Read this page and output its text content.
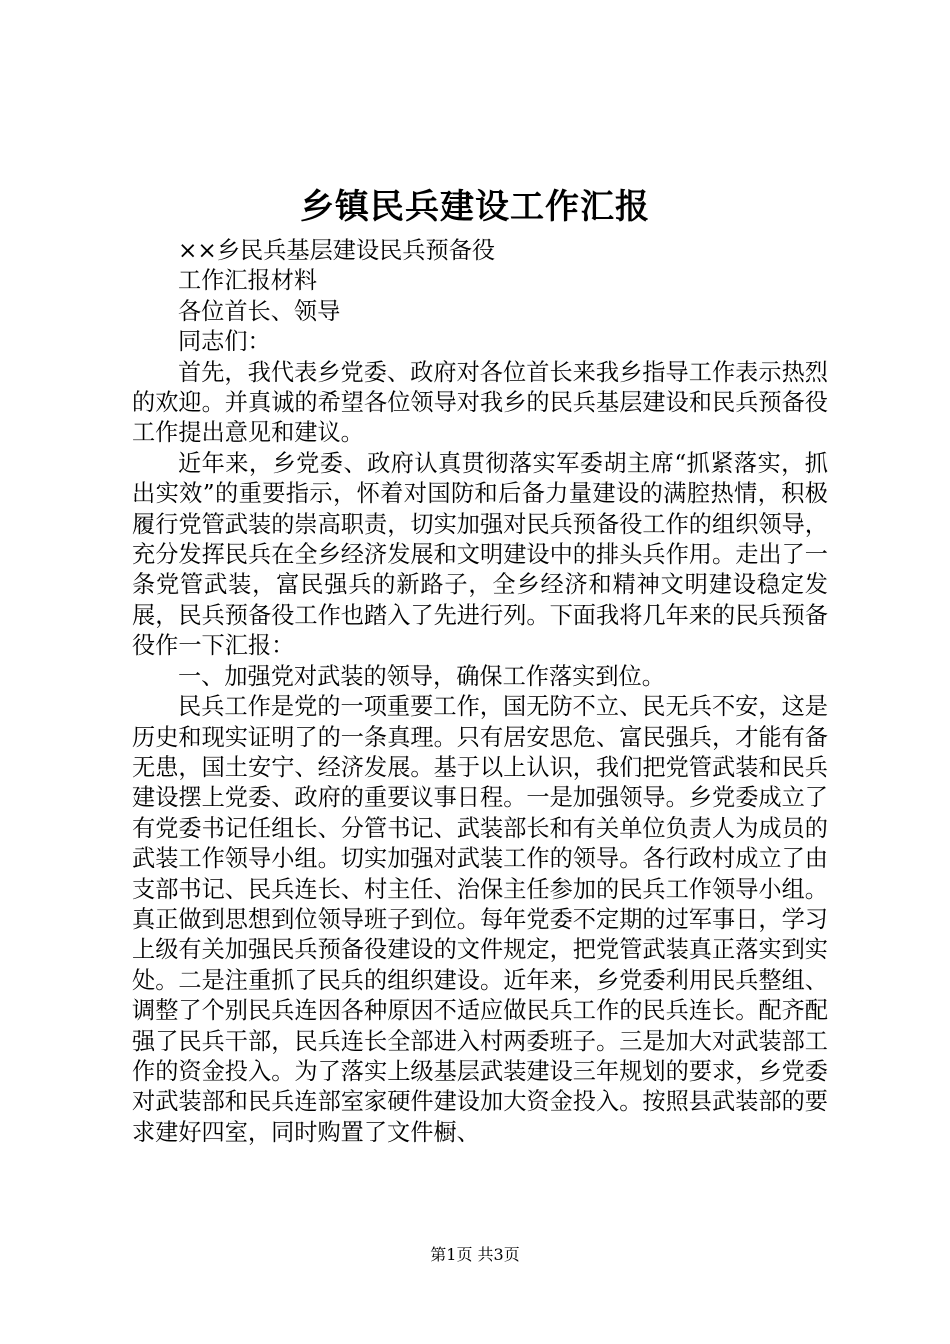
乡镇民兵建设工作汇报

××乡民兵基层建设民兵预备役

工作汇报材料

各位首长、领导

同志们：

首先，我代表乡党委、政府对各位首长来我乡指导工作表示热烈的欢迎。并真诚的希望各位领导对我乡的民兵基层建设和民兵预备役工作提出意见和建议。

近年来，乡党委、政府认真贯彻落实军委胡主席“抓紧落实，抓出实效”的重要指示，怀着对国防和后备力量建设的满腔热情，积极履行党管武装的崇高职责，切实加强对民兵预备役工作的组织领导，充分发挥民兵在全乡经济发展和文明建设中的排头兵作用。走出了一条党管武装，富民强兵的新路子，全乡经济和精神文明建设稳定发展，民兵预备役工作也踏入了先进行列。下面我将几年来的民兵预备役作一下汇报：

一、加强党对武装的领导，确保工作落实到位。

民兵工作是党的一项重要工作，国无防不立、民无兵不安，这是历史和现实证明了的一条真理。只有居安思危、富民强兵，才能有备无患，国土安宁、经济发展。基于以上认识，我们把党管武装和民兵建设摆上党委、政府的重要议事日程。一是加强领导。乡党委成立了有党委书记任组长、分管书记、武装部长和有关单位负责人为成员的武装工作领导小组。切实加强对武装工作的领导。各行政村成立了由支部书记、民兵连长、村主任、治保主任参加的民兵工作领导小组。真正做到思想到位领导班子到位。每年党委不定期的过军事日，学习上级有关加强民兵预备役建设的文件规定，把党管武装真正落实到实处。二是注重抓了民兵的组织建设。近年来，乡党委利用民兵整组、调整了个别民兵连因各种原因不适应做民兵工作的民兵连长。配齐配强了民兵干部，民兵连长全部进入村两委班子。三是加大对武装部工作的资金投入。为了落实上级基层武装建设三年规划的要求，乡党委对武装部和民兵连部室家硬件建设加大资金投入。按照县武装部的要求建好四室，同时购置了文件橱、

第1页 共3页
